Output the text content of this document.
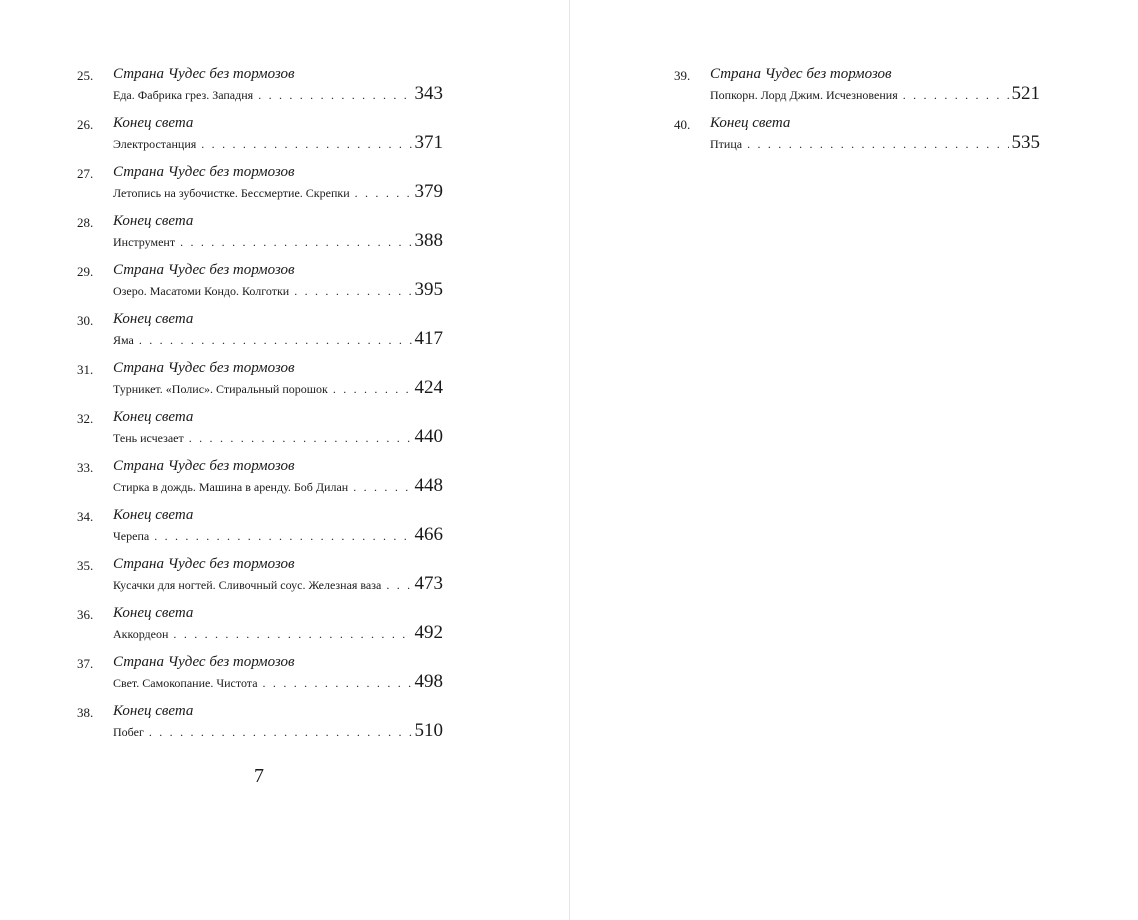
25.	Страна Чудес без тормозов
Еда. Фабрика грез. Западня . . .	343
26.	Конец света
Электростанция . . .	371
27.	Страна Чудес без тормозов
Летопись на зубочистке. Бессмертие. Скрепки . . .	379
28.	Конец света
Инструмент . . .	388
29.	Страна Чудес без тормозов
Озеро. Масатоми Кондо. Колготки . . .	395
30.	Конец света
Яма . . .	417
31.	Страна Чудес без тормозов
Турникет. «Полис». Стиральный порошок . . .	424
32.	Конец света
Тень исчезает . . .	440
33.	Страна Чудес без тормозов
Стирка в дождь. Машина в аренду. Боб Дилан . . .	448
34.	Конец света
Черепа . . .	466
35.	Страна Чудес без тормозов
Кусачки для ногтей. Сливочный соус. Железная ваза . . . 473
36.	Конец света
Аккордеон . . .	492
37.	Страна Чудес без тормозов
Свет. Самокопание. Чистота . . .	498
38.	Конец света
Побег . . .	510
7
39.	Страна Чудес без тормозов
Попкорн. Лорд Джим. Исчезновения . . .	521
40.	Конец света
Птица . . .	535
